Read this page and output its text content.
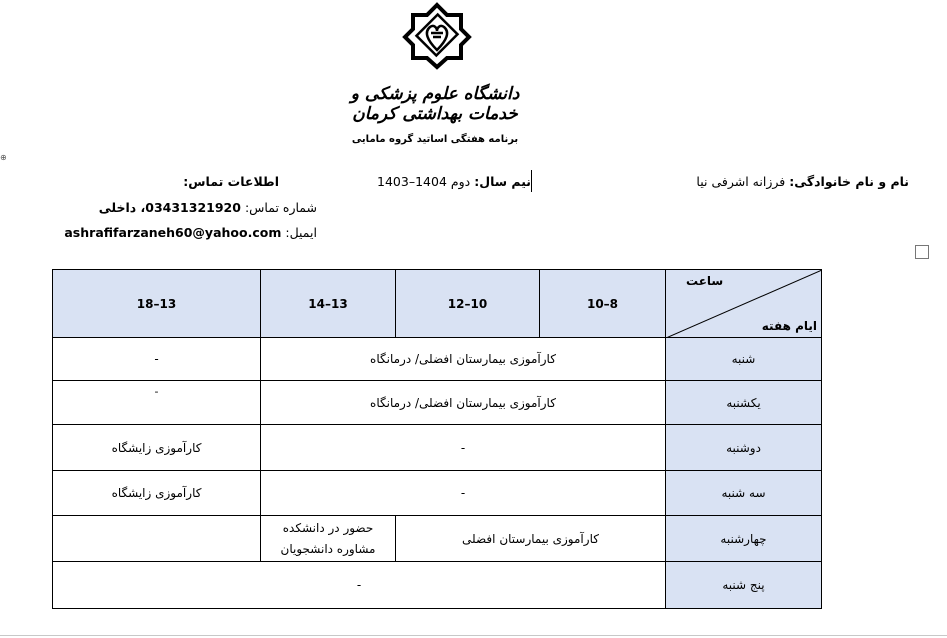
دانشگاه علوم پزشکی و خدمات بهداشتی کرمان
برنامه هفتگی اساتید گروه مامایی
⊕
نام و نام خانوادگی: فرزانه اشرفی نیا
نیم سال: دوم 1404–1403
اطلاعات تماس:
شماره تماس: 03431321920، داخلی
ایمیل: ashrafifarzaneh60@yahoo.com
ساعت
ایام هفته	8–10	10–12	13–14	13–18
شنبه	کارآموزی بیمارستان افضلی/ درمانگاه			-
یکشنبه	کارآموزی بیمارستان افضلی/ درمانگاه			-

دوشنبه	-			کارآموزی زایشگاه
سه شنبه	-			کارآموزی زایشگاه
چهارشنبه	کارآموزی بیمارستان افضلی		حضور در دانشکده
مشاوره دانشجویان	

پنج شنبه	-			
